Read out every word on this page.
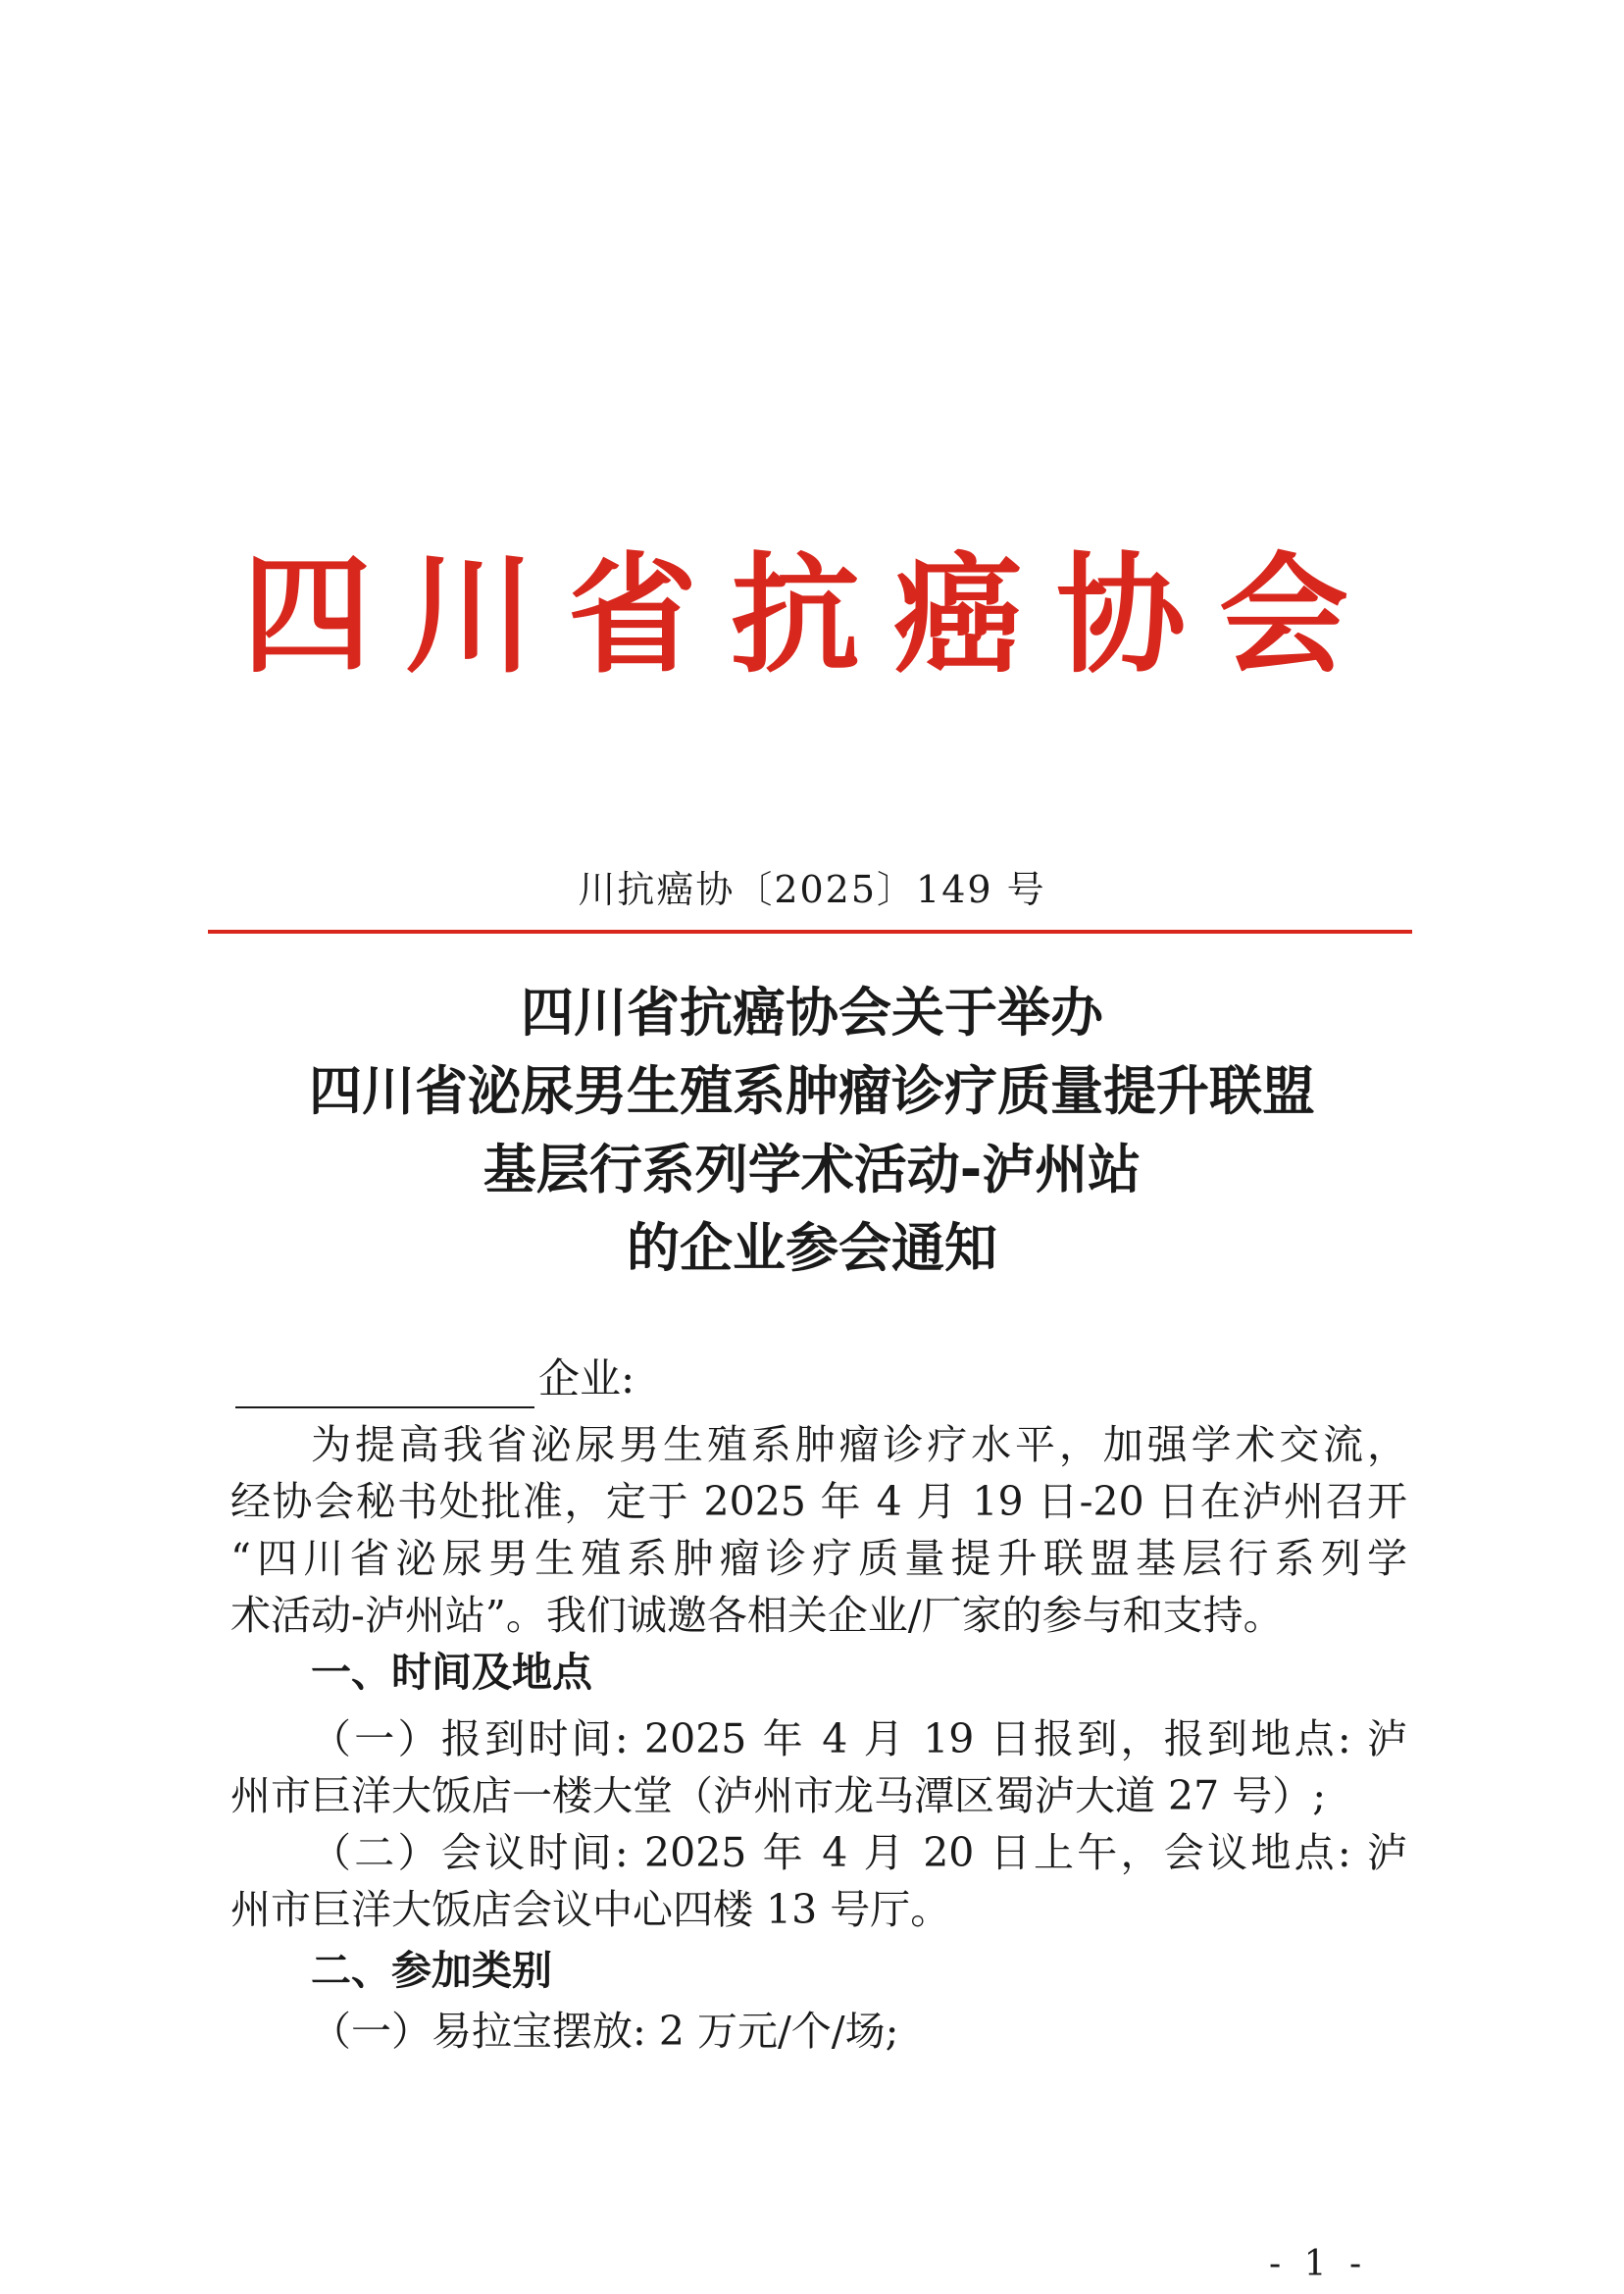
四川省抗癌协会
川抗癌协〔2025〕149 号
四川省抗癌协会关于举办
四川省泌尿男生殖系肿瘤诊疗质量提升联盟
基层行系列学术活动-泸州站
的企业参会通知
企业:
为提高我省泌尿男生殖系肿瘤诊疗水平，加强学术交流，
经协会秘书处批准，定于 2025 年 4 月 19 日-20 日在泸州召开
“四川省泌尿男生殖系肿瘤诊疗质量提升联盟基层行系列学
术活动-泸州站”。我们诚邀各相关企业/厂家的参与和支持。
一、时间及地点
（一）报到时间: 2025 年 4 月 19 日报到，报到地点: 泸
州市巨洋大饭店一楼大堂（泸州市龙马潭区蜀泸大道 27 号）;
（二）会议时间: 2025 年 4 月 20 日上午，会议地点: 泸
州市巨洋大饭店会议中心四楼 13 号厅。
二、参加类别
（一）易拉宝摆放: 2 万元/个/场;
- 1 -
